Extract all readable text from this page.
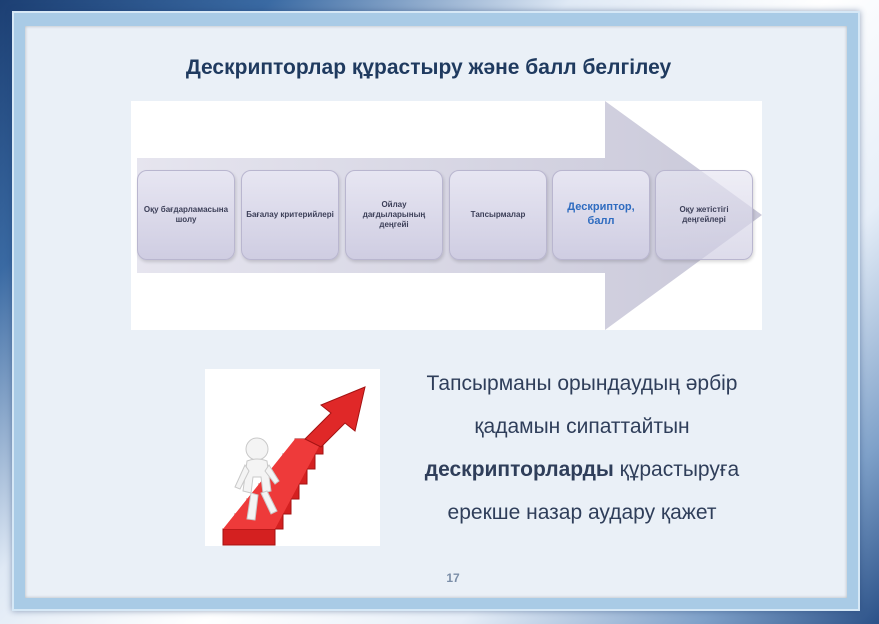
Дескрипторлар құрастыру және балл белгілеу
Оқу бағдарламасына шолу
Бағалау критерийлері
Ойлау дағдыларының деңгейі
Тапсырмалар
Дескриптор, балл
Оқу жетістігі деңгейлері
Тапсырманы орындаудың әрбір
қадамын сипаттайтын
дескрипторларды құрастыруға
ерекше назар аудару қажет
17
